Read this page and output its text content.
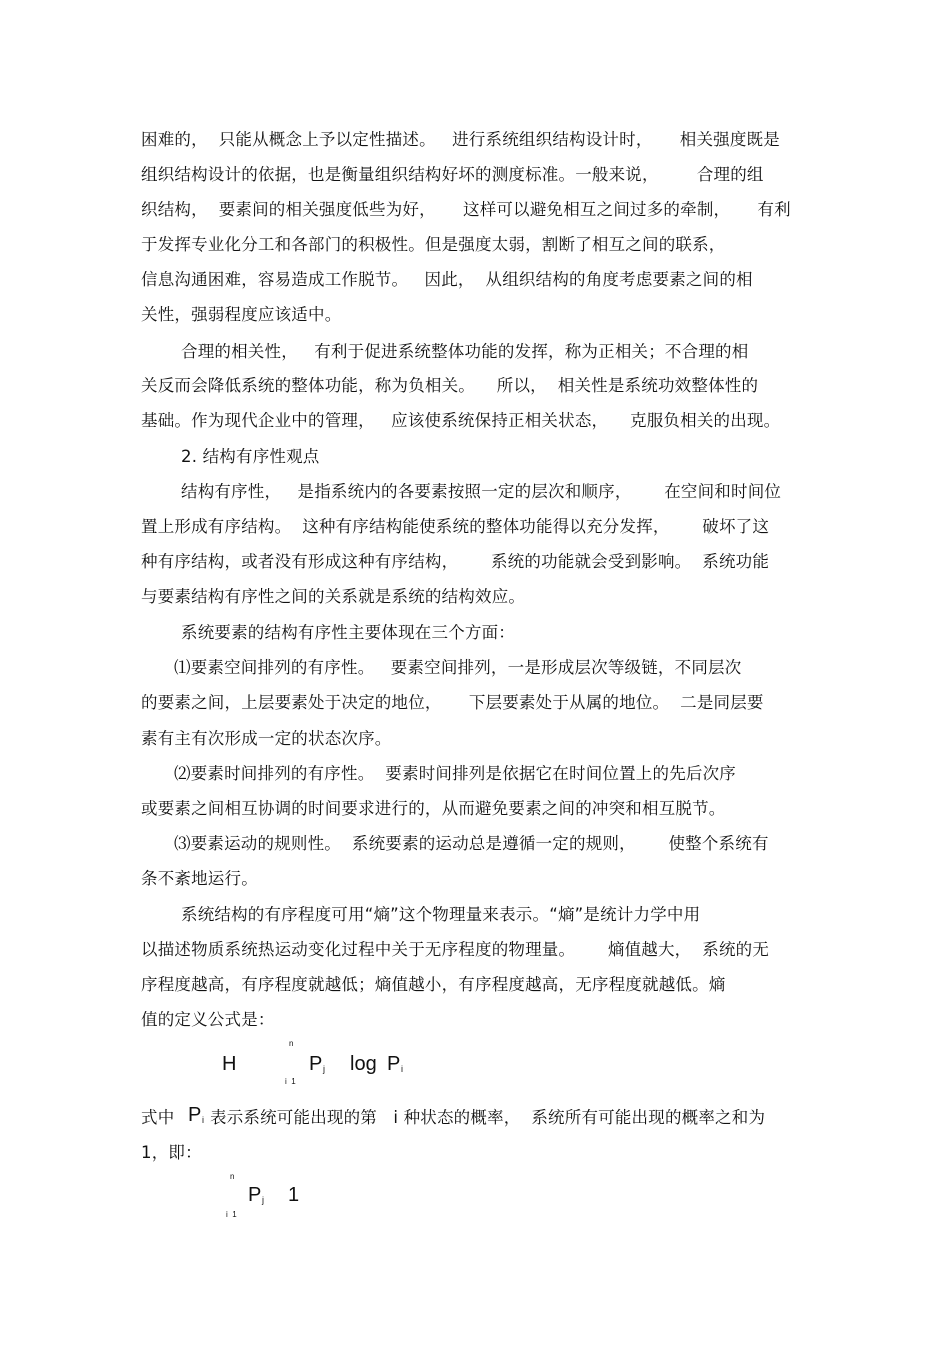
困难的，  只能从概念上予以定性描述。   进行系统组织结构设计时，     相关强度既是
组织结构设计的依据，也是衡量组织结构好坏的测度标准。一般来说，       合理的组
织结构，  要素间的相关强度低些为好，     这样可以避免相互之间过多的牵制，     有利
于发挥专业化分工和各部门的积极性。但是强度太弱，割断了相互之间的联系，
信息沟通困难，容易造成工作脱节。   因此，  从组织结构的角度考虑要素之间的相
关性，强弱程度应该适中。
合理的相关性，   有利于促进系统整体功能的发挥，称为正相关；不合理的相
关反而会降低系统的整体功能，称为负相关。    所以，  相关性是系统功效整体性的
基础。作为现代企业中的管理，   应该使系统保持正相关状态，    克服负相关的出现。
2. 结构有序性观点
结构有序性，   是指系统内的各要素按照一定的层次和顺序，      在空间和时间位
置上形成有序结构。  这种有序结构能使系统的整体功能得以充分发挥，      破坏了这
种有序结构，或者没有形成这种有序结构，      系统的功能就会受到影响。  系统功能
与要素结构有序性之间的关系就是系统的结构效应。
系统要素的结构有序性主要体现在三个方面：
⑴要素空间排列的有序性。   要素空间排列，一是形成层次等级链，不同层次
的要素之间，上层要素处于决定的地位，     下层要素处于从属的地位。  二是同层要
素有主有次形成一定的状态次序。
⑵要素时间排列的有序性。  要素时间排列是依据它在时间位置上的先后次序
或要素之间相互协调的时间要求进行的，从而避免要素之间的冲突和相互脱节。
⑶要素运动的规则性。  系统要素的运动总是遵循一定的规则，      使整个系统有
条不紊地运行。
系统结构的有序程度可用“熵”这个物理量来表示。“熵”是统计力学中用
以描述物质系统热运动变化过程中关于无序程度的物理量。      熵值越大，  系统的无
序程度越高，有序程度就越低；熵值越小，有序程度越高，无序程度就越低。熵
值的定义公式是：
H
n
i  1
P j log P i
式中 P i 表示系统可能出现的第   i 种状态的概率，  系统所有可能出现的概率之和为
1，即：
n
i  1
P j 1
